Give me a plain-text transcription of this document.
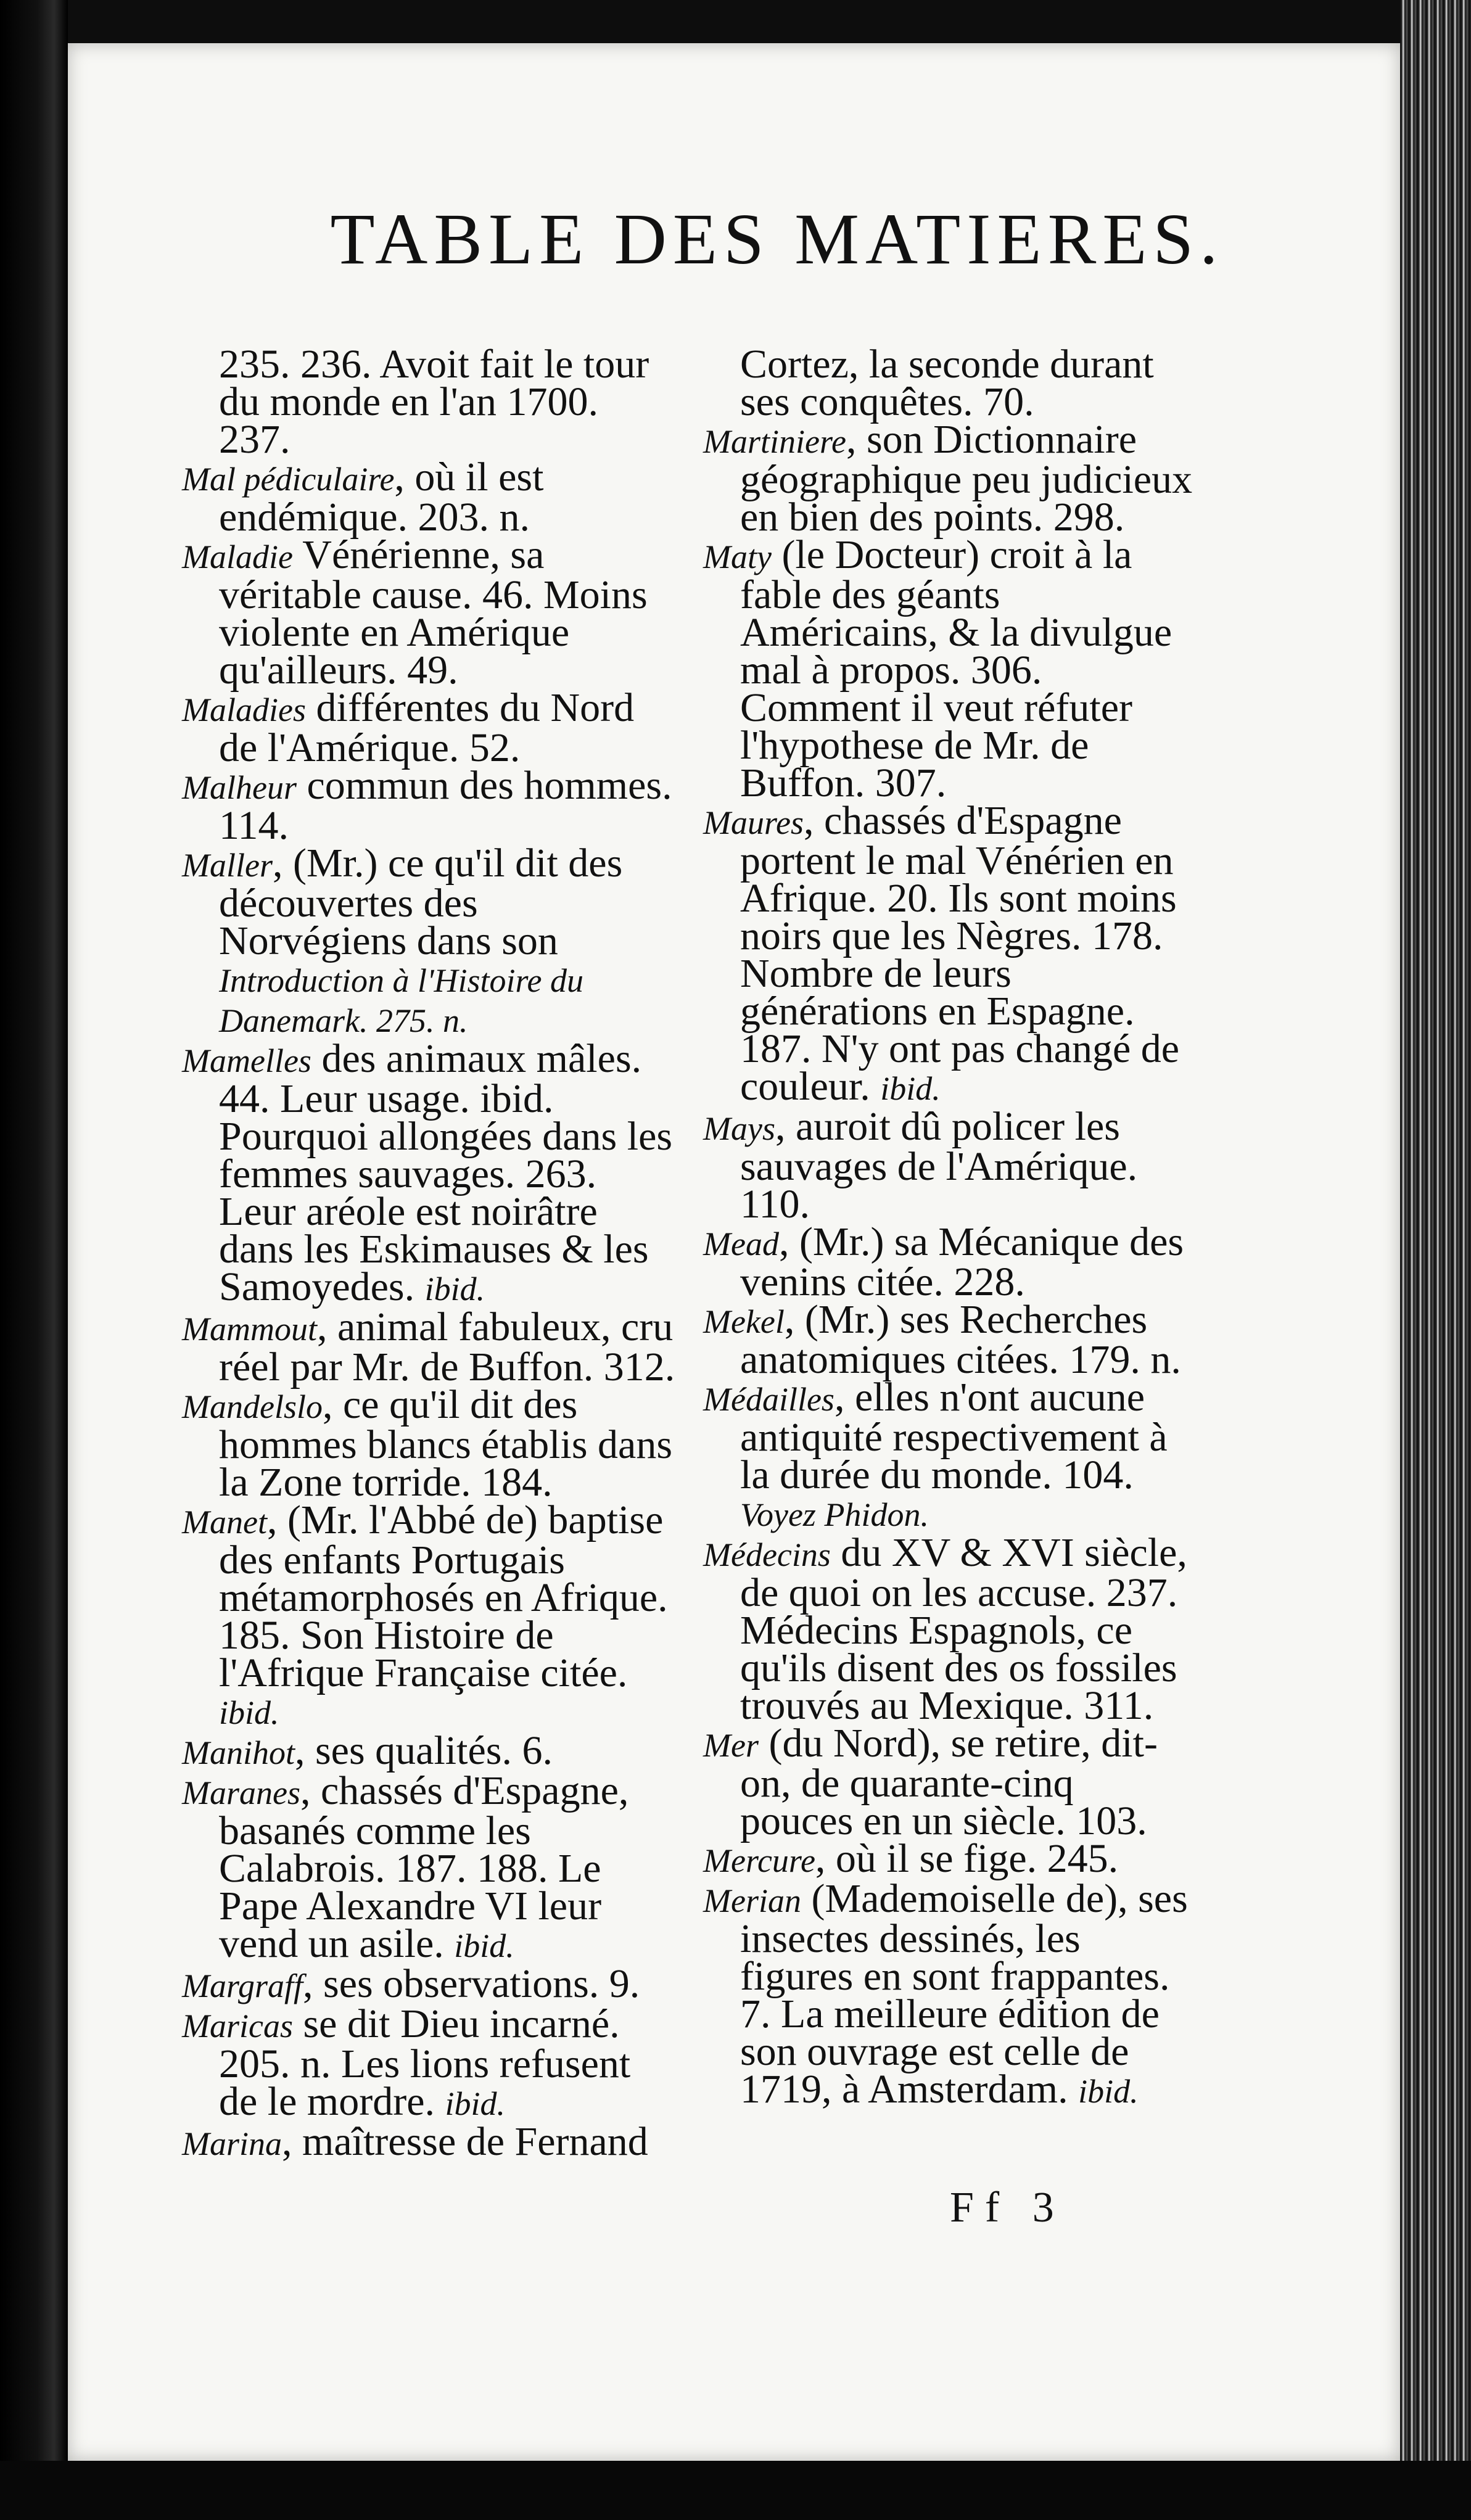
TABLE DES MATIERES.
235. 236. Avoit fait le tour du monde en l'an 1700. 237.
Mal pédiculaire, où il est endémique. 203. n.
Maladie Vénérienne, sa véritable cause. 46. Moins violente en Amérique qu'ailleurs. 49.
Maladies différentes du Nord de l'Amérique. 52.
Malheur commun des hommes. 114.
Maller, (Mr.) ce qu'il dit des découvertes des Norvégiens dans son Introduction à l'Histoire du Danemark. 275. n.
Mamelles des animaux mâles. 44. Leur usage. ibid. Pourquoi allongées dans les femmes sauvages. 263. Leur aréole est noirâtre dans les Eskimauses & les Samoyedes. ibid.
Mammout, animal fabuleux, cru réel par Mr. de Buffon. 312.
Mandelslo, ce qu'il dit des hommes blancs établis dans la Zone torride. 184.
Manet, (Mr. l'Abbé de) baptise des enfants Portugais métamorphosés en Afrique. 185. Son Histoire de l'Afrique Française citée. ibid.
Manihot, ses qualités. 6.
Maranes, chassés d'Espagne, basanés comme les Calabrois. 187. 188. Le Pape Alexandre VI leur vend un asile. ibid.
Margraff, ses observations. 9.
Maricas se dit Dieu incarné. 205. n. Les lions refusent de le mordre. ibid.
Marina, maîtresse de Fernand
Cortez, la seconde durant ses conquêtes. 70.
Martiniere, son Dictionnaire géographique peu judicieux en bien des points. 298.
Maty (le Docteur) croit à la fable des géants Américains, & la divulgue mal à propos. 306. Comment il veut réfuter l'hypothese de Mr. de Buffon. 307.
Maures, chassés d'Espagne portent le mal Vénérien en Afrique. 20. Ils sont moins noirs que les Nègres. 178. Nombre de leurs générations en Espagne. 187. N'y ont pas changé de couleur. ibid.
Mays, auroit dû policer les sauvages de l'Amérique. 110.
Mead, (Mr.) sa Mécanique des venins citée. 228.
Mekel, (Mr.) ses Recherches anatomiques citées. 179. n.
Médailles, elles n'ont aucune antiquité respectivement à la durée du monde. 104. Voyez Phidon.
Médecins du XV & XVI siècle, de quoi on les accuse. 237. Médecins Espagnols, ce qu'ils disent des os fossiles trouvés au Mexique. 311.
Mer (du Nord), se retire, dit-on, de quarante-cinq pouces en un siècle. 103.
Mercure, où il se fige. 245.
Merian (Mademoiselle de), ses insectes dessinés, les figures en sont frappantes. 7. La meilleure édition de son ouvrage est celle de 1719, à Amsterdam. ibid.
Ff 3
